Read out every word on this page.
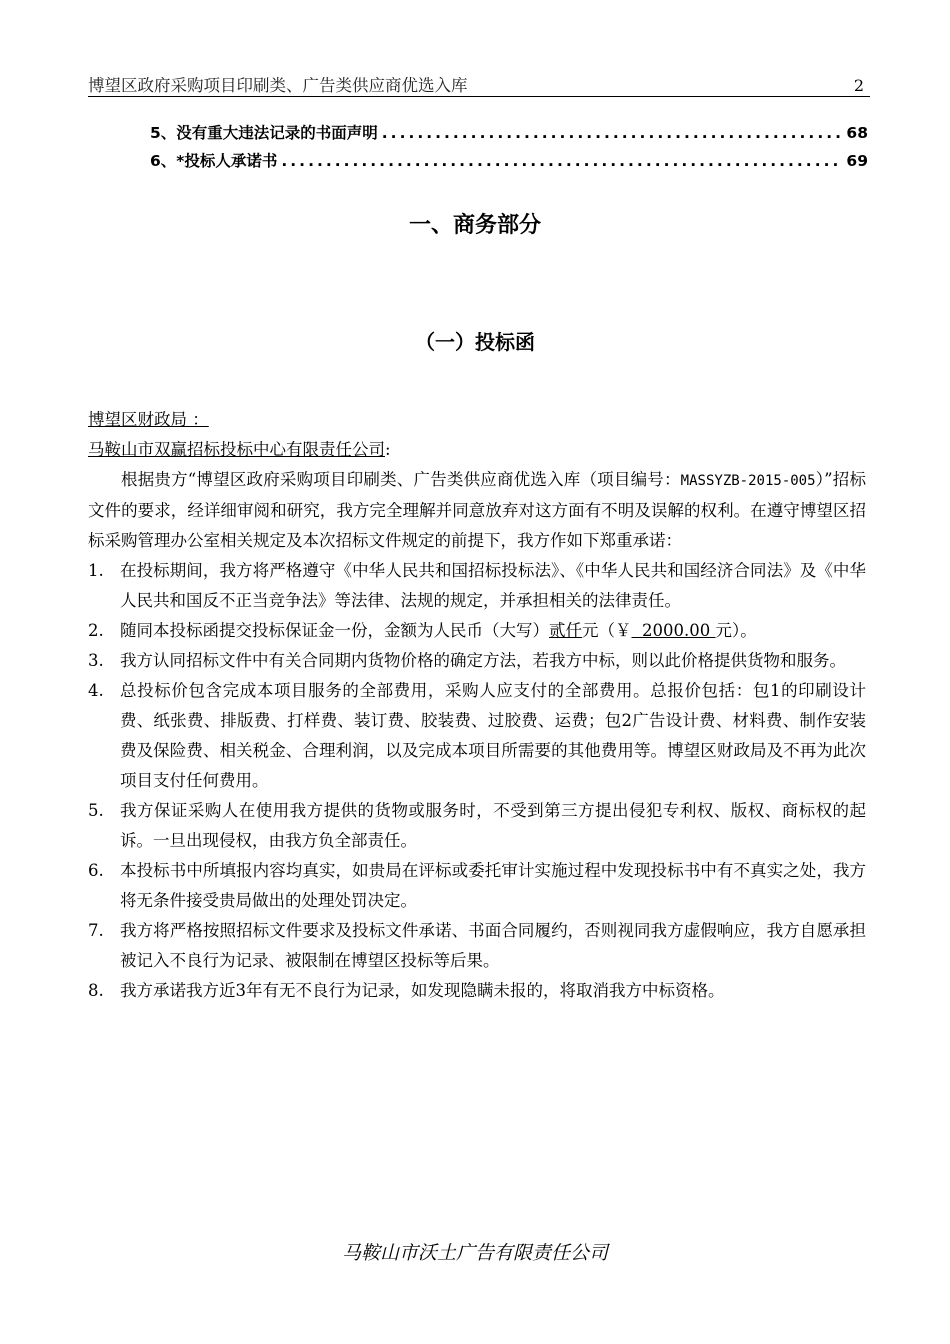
博望区政府采购项目印刷类、广告类供应商优选入库	2
5、没有重大违法记录的书面声明 .....	68
6、*投标人承诺书 .....	69
一、商务部分
（一）投标函
博望区财政局 ：
马鞍山市双赢招标投标中心有限责任公司:
根据贵方“博望区政府采购项目印刷类、广告类供应商优选入库（项目编号：MASSYZB-2015-005）”招标文件的要求，经详细审阅和研究，我方完全理解并同意放弃对这方面有不明及误解的权利。在遵守博望区招标采购管理办公室相关规定及本次招标文件规定的前提下，我方作如下郑重承诺：
1. 在投标期间，我方将严格遵守《中华人民共和国招标投标法》、《中华人民共和国经济合同法》及《中华人民共和国反不正当竞争法》等法律、法规的规定，并承担相关的法律责任。
2. 随同本投标函提交投标保证金一份，金额为人民币（大写）贰仟元（￥  2000.00 元）。
3. 我方认同招标文件中有关合同期内货物价格的确定方法，若我方中标，则以此价格提供货物和服务。
4. 总投标价包含完成本项目服务的全部费用，采购人应支付的全部费用。总报价包括：包1的印刷设计费、纸张费、排版费、打样费、装订费、胶装费、过胶费、运费；包2广告设计费、材料费、制作安装费及保险费、相关税金、合理利润，以及完成本项目所需要的其他费用等。博望区财政局及不再为此次项目支付任何费用。
5. 我方保证采购人在使用我方提供的货物或服务时，不受到第三方提出侵犯专利权、版权、商标权的起诉。一旦出现侵权，由我方负全部责任。
6. 本投标书中所填报内容均真实，如贵局在评标或委托审计实施过程中发现投标书中有不真实之处，我方将无条件接受贵局做出的处理处罚决定。
7. 我方将严格按照招标文件要求及投标文件承诺、书面合同履约，否则视同我方虚假响应，我方自愿承担被记入不良行为记录、被限制在博望区投标等后果。
8. 我方承诺我方近3年有无不良行为记录，如发现隐瞒未报的，将取消我方中标资格。
马鞍山市沃土广告有限责任公司
